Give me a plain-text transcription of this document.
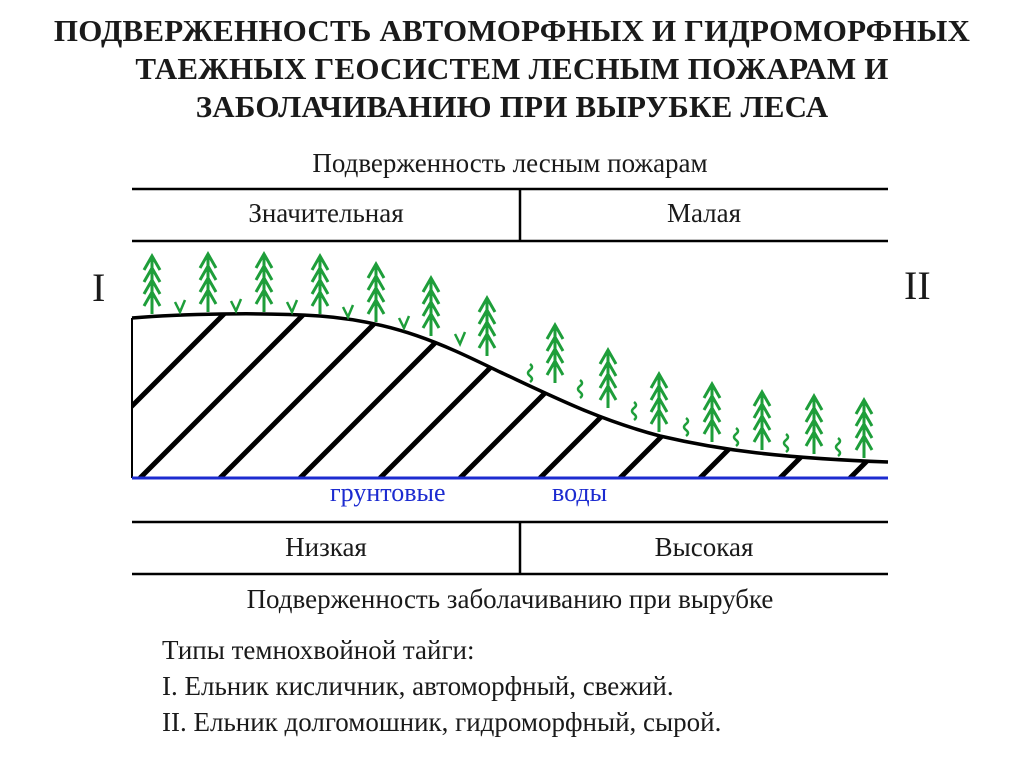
ПОДВЕРЖЕННОСТЬ АВТОМОРФНЫХ И ГИДРОМОРФНЫХ
ТАЕЖНЫХ ГЕОСИСТЕМ ЛЕСНЫМ ПОЖАРАМ И
ЗАБОЛАЧИВАНИЮ ПРИ ВЫРУБКЕ ЛЕСА
Подверженность лесным пожарам
Значительная	Малая
I	II
грунтовые	воды
Низкая	Высокая
Подверженность заболачиванию при вырубке
Типы темнохвойной тайги:
I. Ельник кисличник, автоморфный, свежий.
II. Ельник долгомошник, гидроморфный, сырой.
